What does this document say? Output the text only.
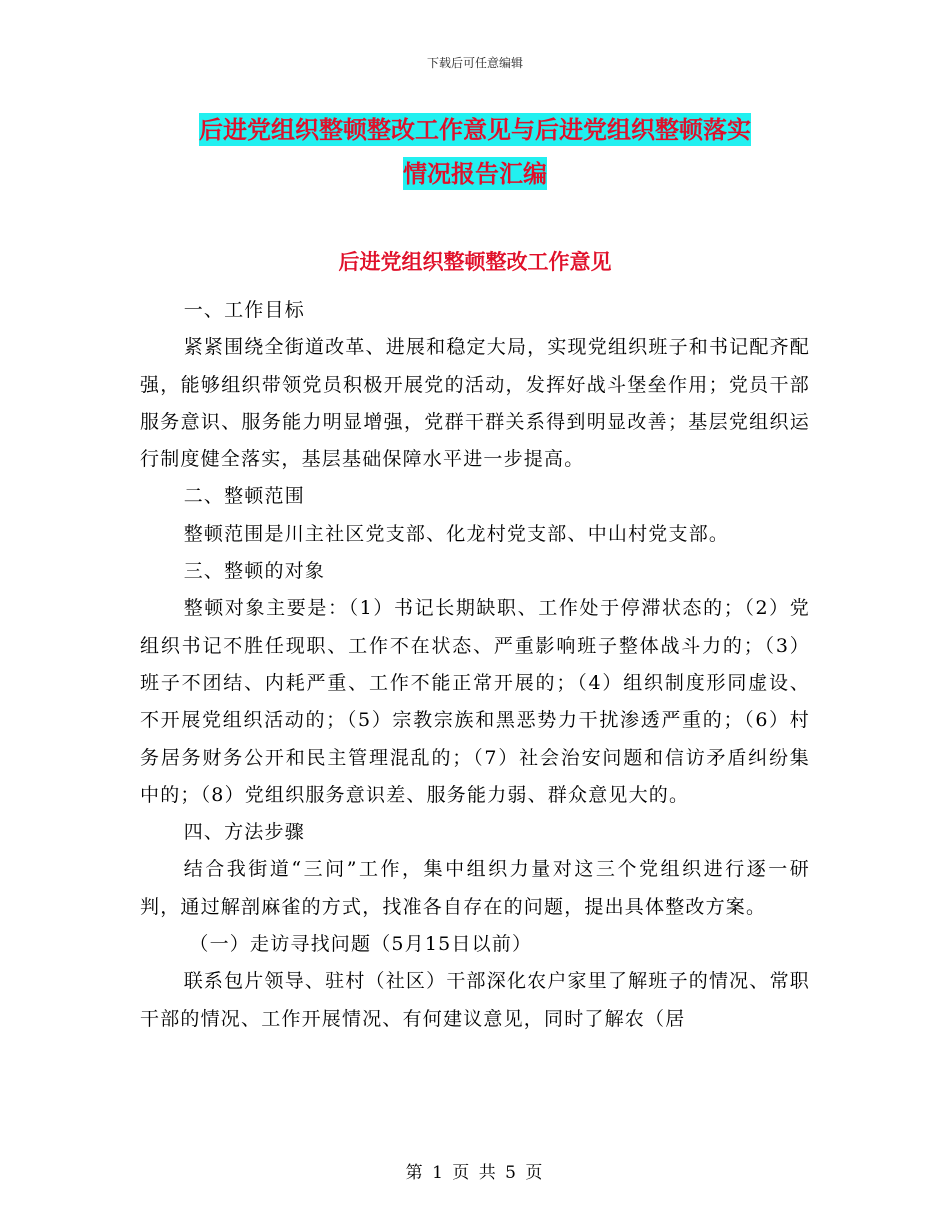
下载后可任意编辑
后进党组织整顿整改工作意见与后进党组织整顿落实
情况报告汇编
后进党组织整顿整改工作意见

一、工作目标

紧紧围绕全街道改革、进展和稳定大局，实现党组织班子和书记配齐配强，能够组织带领党员积极开展党的活动，发挥好战斗堡垒作用；党员干部服务意识、服务能力明显增强，党群干群关系得到明显改善；基层党组织运行制度健全落实，基层基础保障水平进一步提高。

二、整顿范围

整顿范围是川主社区党支部、化龙村党支部、中山村党支部。

三、整顿的对象

整顿对象主要是：（1）书记长期缺职、工作处于停滞状态的；（2）党组织书记不胜任现职、工作不在状态、严重影响班子整体战斗力的；（3）班子不团结、内耗严重、工作不能正常开展的；（4）组织制度形同虚设、不开展党组织活动的；（5）宗教宗族和黑恶势力干扰渗透严重的；（6）村务居务财务公开和民主管理混乱的；（7）社会治安问题和信访矛盾纠纷集中的；（8）党组织服务意识差、服务能力弱、群众意见大的。

四、方法步骤

结合我街道“三问”工作，集中组织力量对这三个党组织进行逐一研判，通过解剖麻雀的方式，找准各自存在的问题，提出具体整改方案。

（一）走访寻找问题（5月15日以前）

联系包片领导、驻村（社区）干部深化农户家里了解班子的情况、常职干部的情况、工作开展情况、有何建议意见，同时了解农（居

第 1 页 共 5 页
